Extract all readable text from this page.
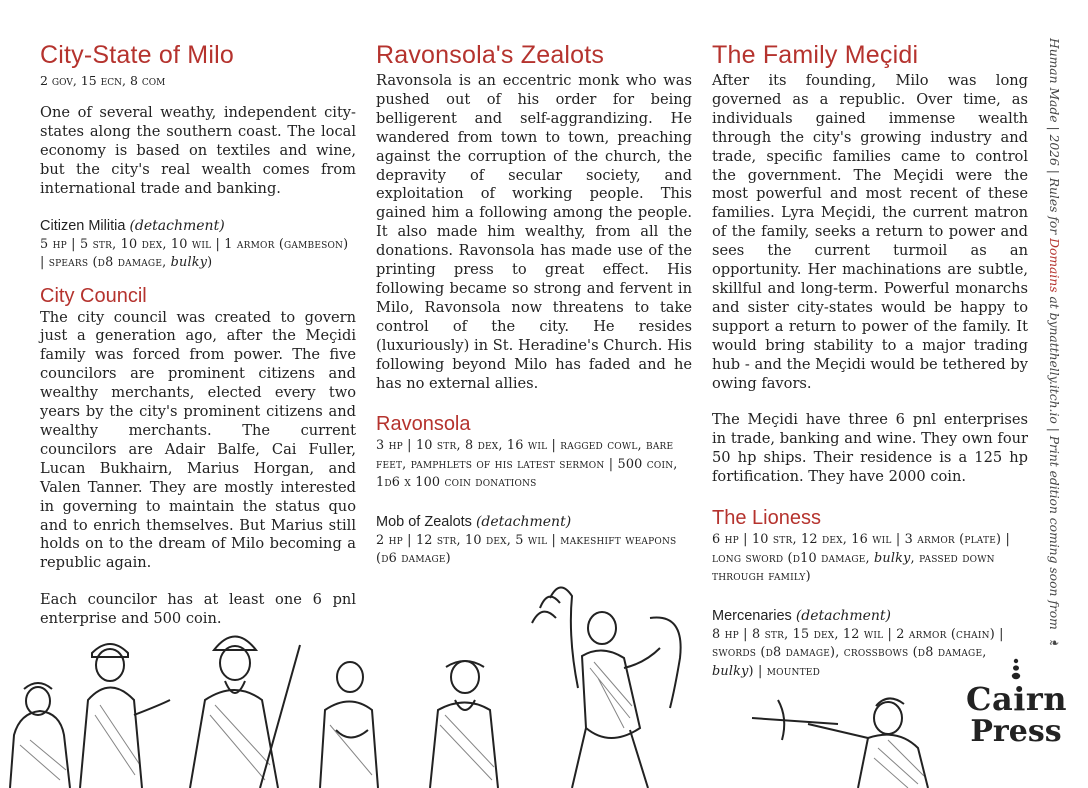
City-State of Milo

2 gov, 15 ecn, 8 com

One of several weathy, independent city-states along the southern coast. The local economy is based on textiles and wine, but the city's real wealth comes from international trade and banking.

Citizen Militia (detachment)

5 hp | 5 str, 10 dex, 10 wil | 1 armor (gambeson) | spears (d8 damage, bulky)

City Council

The city council was created to govern just a generation ago, after the Meçidi family was forced from power. The five councilors are prominent citizens and wealthy merchants, elected every two years by the city's prominent citizens and wealthy merchants. The current councilors are Adair Balfe, Cai Fuller, Lucan Bukhairn, Marius Horgan, and Valen Tanner. They are mostly interested in governing to maintain the status quo and to enrich themselves. But Marius still holds on to the dream of Milo becoming a republic again.

Each councilor has at least one 6 pnl enterprise and 500 coin.

Ravonsola's Zealots

Ravonsola is an eccentric monk who was pushed out of his order for being belligerent and self-aggrandizing. He wandered from town to town, preaching against the corruption of the church, the depravity of secular society, and exploitation of working people. This gained him a following among the people. It also made him wealthy, from all the donations. Ravonsola has made use of the printing press to great effect. His following became so strong and fervent in Milo, Ravonsola now threatens to take control of the city. He resides (luxuriously) in St. Heradine's Church. His following beyond Milo has faded and he has no external allies.

Ravonsola

3 hp | 10 str, 8 dex, 16 wil | ragged cowl, bare feet, pamphlets of his latest sermon | 500 coin, 1d6 x 100 coin donations

Mob of Zealots (detachment)

2 hp | 12 str, 10 dex, 5 wil | makeshift weapons (d6 damage)

The Family Meçidi

After its founding, Milo was long governed as a republic. Over time, as individuals gained immense wealth through the city's growing industry and trade, specific families came to control the government. The Meçidi were the most powerful and most recent of these families. Lyra Meçidi, the current matron of the family, seeks a return to power and sees the current turmoil as an opportunity. Her machinations are subtle, skillful and long-term. Powerful monarchs and sister city-states would be happy to support a return to power of the family. It would bring stability to a major trading hub - and the Meçidi would be tethered by owing favors.

The Meçidi have three 6 pnl enterprises in trade, banking and wine. They own four 50 hp ships. Their residence is a 125 hp fortification. They have 2000 coin.

The Lioness

6 hp | 10 str, 12 dex, 16 wil | 3 armor (plate) | long sword (d10 damage, bulky, passed down through family)

Mercenaries (detachment)

8 hp | 8 str, 15 dex, 12 wil | 2 armor (chain) | swords (d8 damage), crossbows (d8 damage, bulky) | mounted

Human Made | 2026 | Rules for Domains at bynatthelly.itch.io | Print edition coming soon from❧
Cairn
Press
